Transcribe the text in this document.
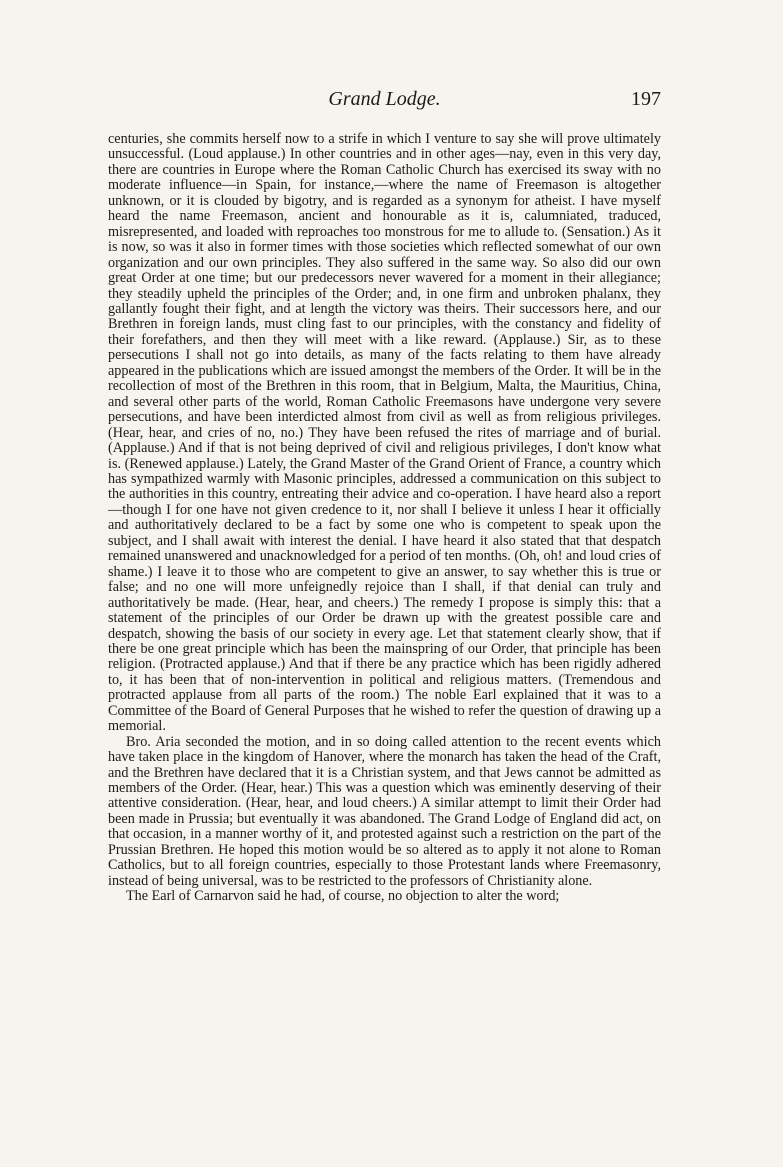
Grand Lodge.	197

centuries, she commits herself now to a strife in which I venture to say she will prove ultimately unsuccessful. (Loud applause.) In other countries and in other ages—nay, even in this very day, there are countries in Europe where the Roman Catholic Church has exercised its sway with no moderate influence—in Spain, for instance,—where the name of Freemason is altogether unknown, or it is clouded by bigotry, and is regarded as a synonym for atheist. I have myself heard the name Freemason, ancient and honourable as it is, calumniated, traduced, misrepresented, and loaded with reproaches too monstrous for me to allude to. (Sensation.) As it is now, so was it also in former times with those societies which reflected somewhat of our own organization and our own principles. They also suffered in the same way. So also did our own great Order at one time; but our predecessors never wavered for a moment in their allegiance; they steadily upheld the principles of the Order; and, in one firm and unbroken phalanx, they gallantly fought their fight, and at length the victory was theirs. Their successors here, and our Brethren in foreign lands, must cling fast to our principles, with the constancy and fidelity of their forefathers, and then they will meet with a like reward. (Applause.) Sir, as to these persecutions I shall not go into details, as many of the facts relating to them have already appeared in the publications which are issued amongst the members of the Order. It will be in the recollection of most of the Brethren in this room, that in Belgium, Malta, the Mauritius, China, and several other parts of the world, Roman Catholic Freemasons have undergone very severe persecutions, and have been interdicted almost from civil as well as from religious privileges. (Hear, hear, and cries of no, no.) They have been refused the rites of marriage and of burial. (Applause.) And if that is not being deprived of civil and religious privileges, I don't know what is. (Renewed applause.) Lately, the Grand Master of the Grand Orient of France, a country which has sympathized warmly with Masonic principles, addressed a communication on this subject to the authorities in this country, entreating their advice and co-operation. I have heard also a report—though I for one have not given credence to it, nor shall I believe it unless I hear it officially and authoritatively declared to be a fact by some one who is competent to speak upon the subject, and I shall await with interest the denial. I have heard it also stated that that despatch remained unanswered and unacknowledged for a period of ten months. (Oh, oh! and loud cries of shame.) I leave it to those who are competent to give an answer, to say whether this is true or false; and no one will more unfeignedly rejoice than I shall, if that denial can truly and authoritatively be made. (Hear, hear, and cheers.) The remedy I propose is simply this: that a statement of the principles of our Order be drawn up with the greatest possible care and despatch, showing the basis of our society in every age. Let that statement clearly show, that if there be one great principle which has been the mainspring of our Order, that principle has been religion. (Protracted applause.) And that if there be any practice which has been rigidly adhered to, it has been that of non-intervention in political and religious matters. (Tremendous and protracted applause from all parts of the room.) The noble Earl explained that it was to a Committee of the Board of General Purposes that he wished to refer the question of drawing up a memorial.

Bro. Aria seconded the motion, and in so doing called attention to the recent events which have taken place in the kingdom of Hanover, where the monarch has taken the head of the Craft, and the Brethren have declared that it is a Christian system, and that Jews cannot be admitted as members of the Order. (Hear, hear.) This was a question which was eminently deserving of their attentive consideration. (Hear, hear, and loud cheers.) A similar attempt to limit their Order had been made in Prussia; but eventually it was abandoned. The Grand Lodge of England did act, on that occasion, in a manner worthy of it, and protested against such a restriction on the part of the Prussian Brethren. He hoped this motion would be so altered as to apply it not alone to Roman Catholics, but to all foreign countries, especially to those Protestant lands where Freemasonry, instead of being universal, was to be restricted to the professors of Christianity alone.

The Earl of Carnarvon said he had, of course, no objection to alter the word;
